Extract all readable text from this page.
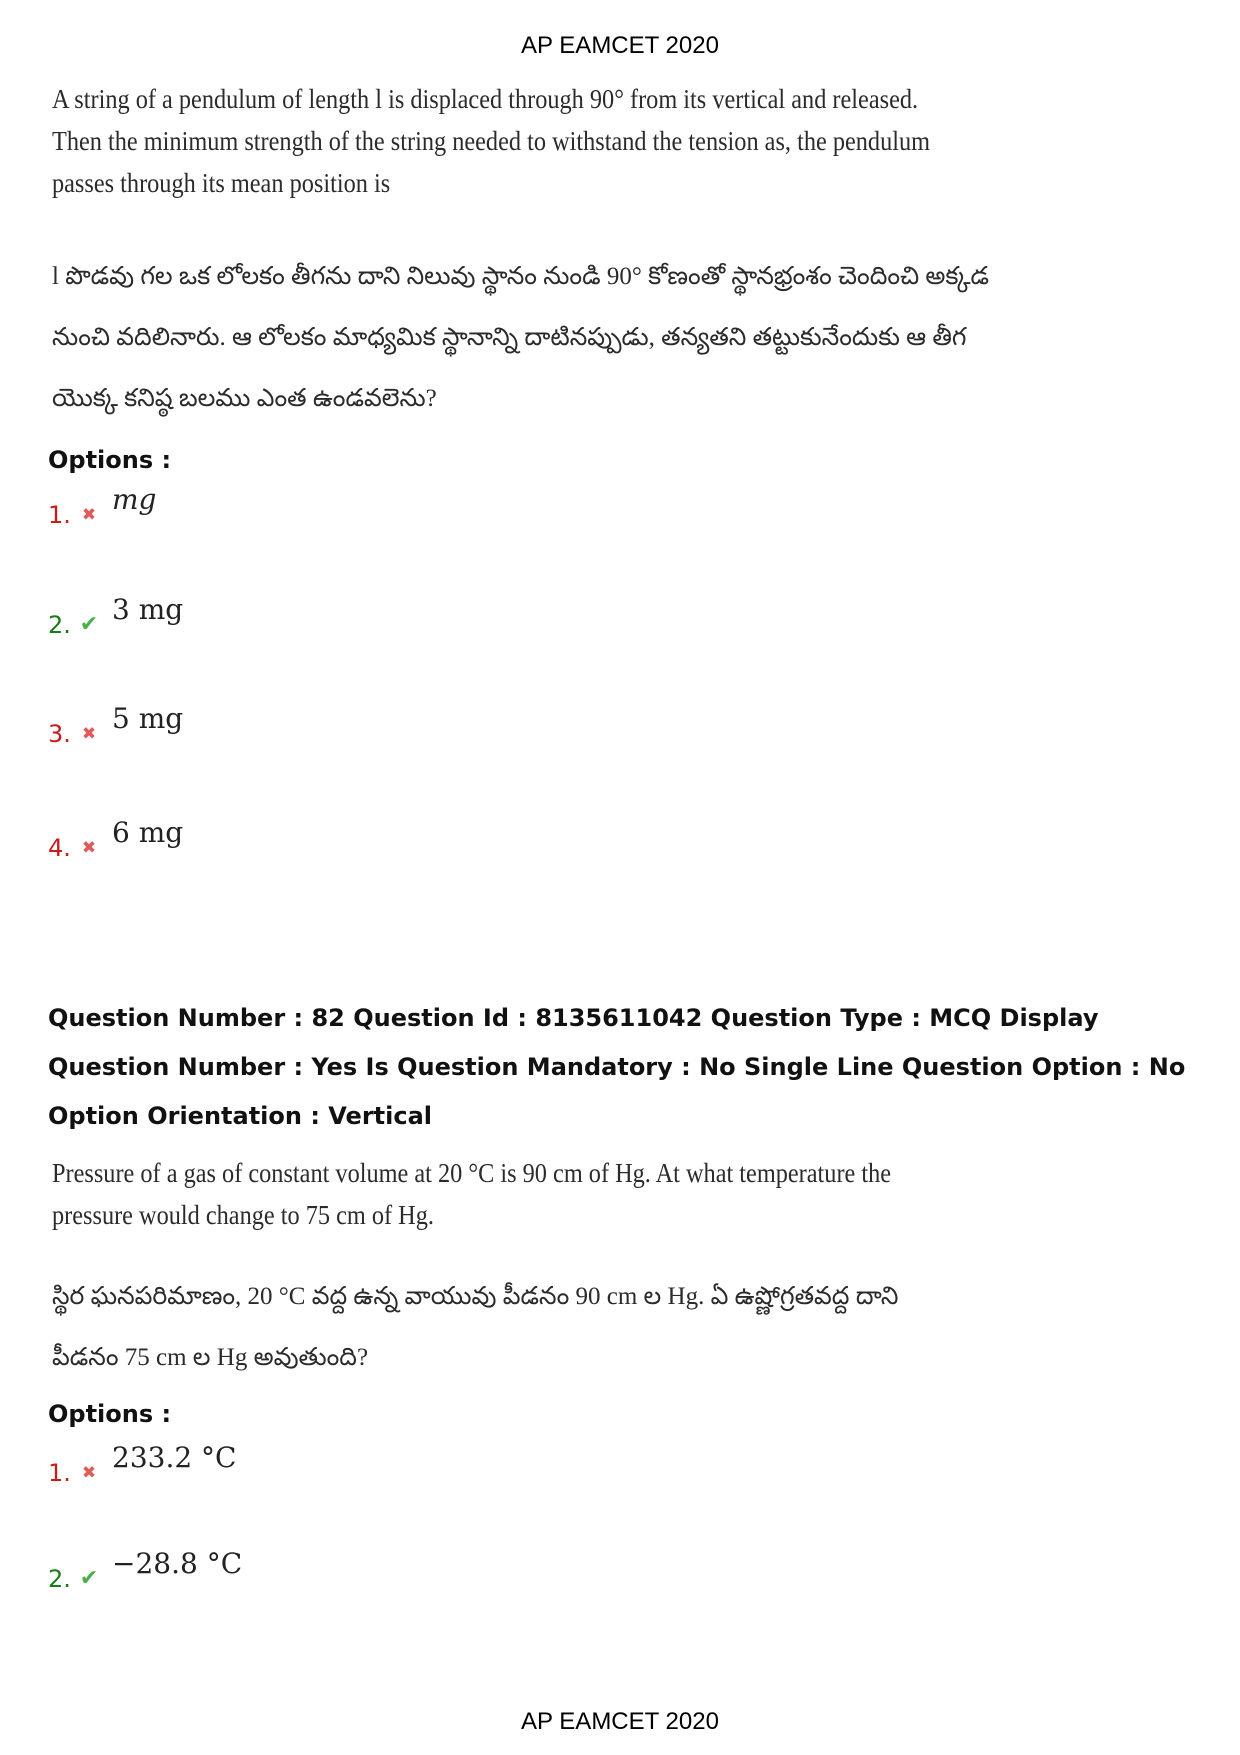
AP EAMCET 2020
A string of a pendulum of length l is displaced through 90° from its vertical and released.
Then the minimum strength of the string needed to withstand the tension as, the pendulum
passes through its mean position is
l పొడవు గల ఒక లోలకం తీగను దాని నిలువు స్థానం నుండి 90° కోణంతో స్థానభ్రంశం చెందించి అక్కడ
నుంచి వదిలినారు. ఆ లోలకం మాధ్యమిక స్థానాన్ని దాటినప్పుడు, తన్యతని తట్టుకునేందుకు ఆ తీగ
యొక్క కనిష్ఠ బలము ఎంత ఉండవలెను?
Options :
1. ✖ mg
2. ✔ 3 mg
3. ✖ 5 mg
4. ✖ 6 mg
Question Number : 82 Question Id : 8135611042 Question Type : MCQ Display Question Number : Yes Is Question Mandatory : No Single Line Question Option : No Option Orientation : Vertical
Pressure of a gas of constant volume at 20 °C is 90 cm of Hg. At what temperature the
pressure would change to 75 cm of Hg.
స్థిర ఘనపరిమాణం, 20 °C వద్ద ఉన్న వాయువు పీడనం 90 cm ల Hg. ఏ ఉష్ణోగ్రతవద్ద దాని
పీడనం 75 cm ల Hg అవుతుంది?
Options :
1. ✖ 233.2 °C
2. ✔ −28.8 °C
AP EAMCET 2020
